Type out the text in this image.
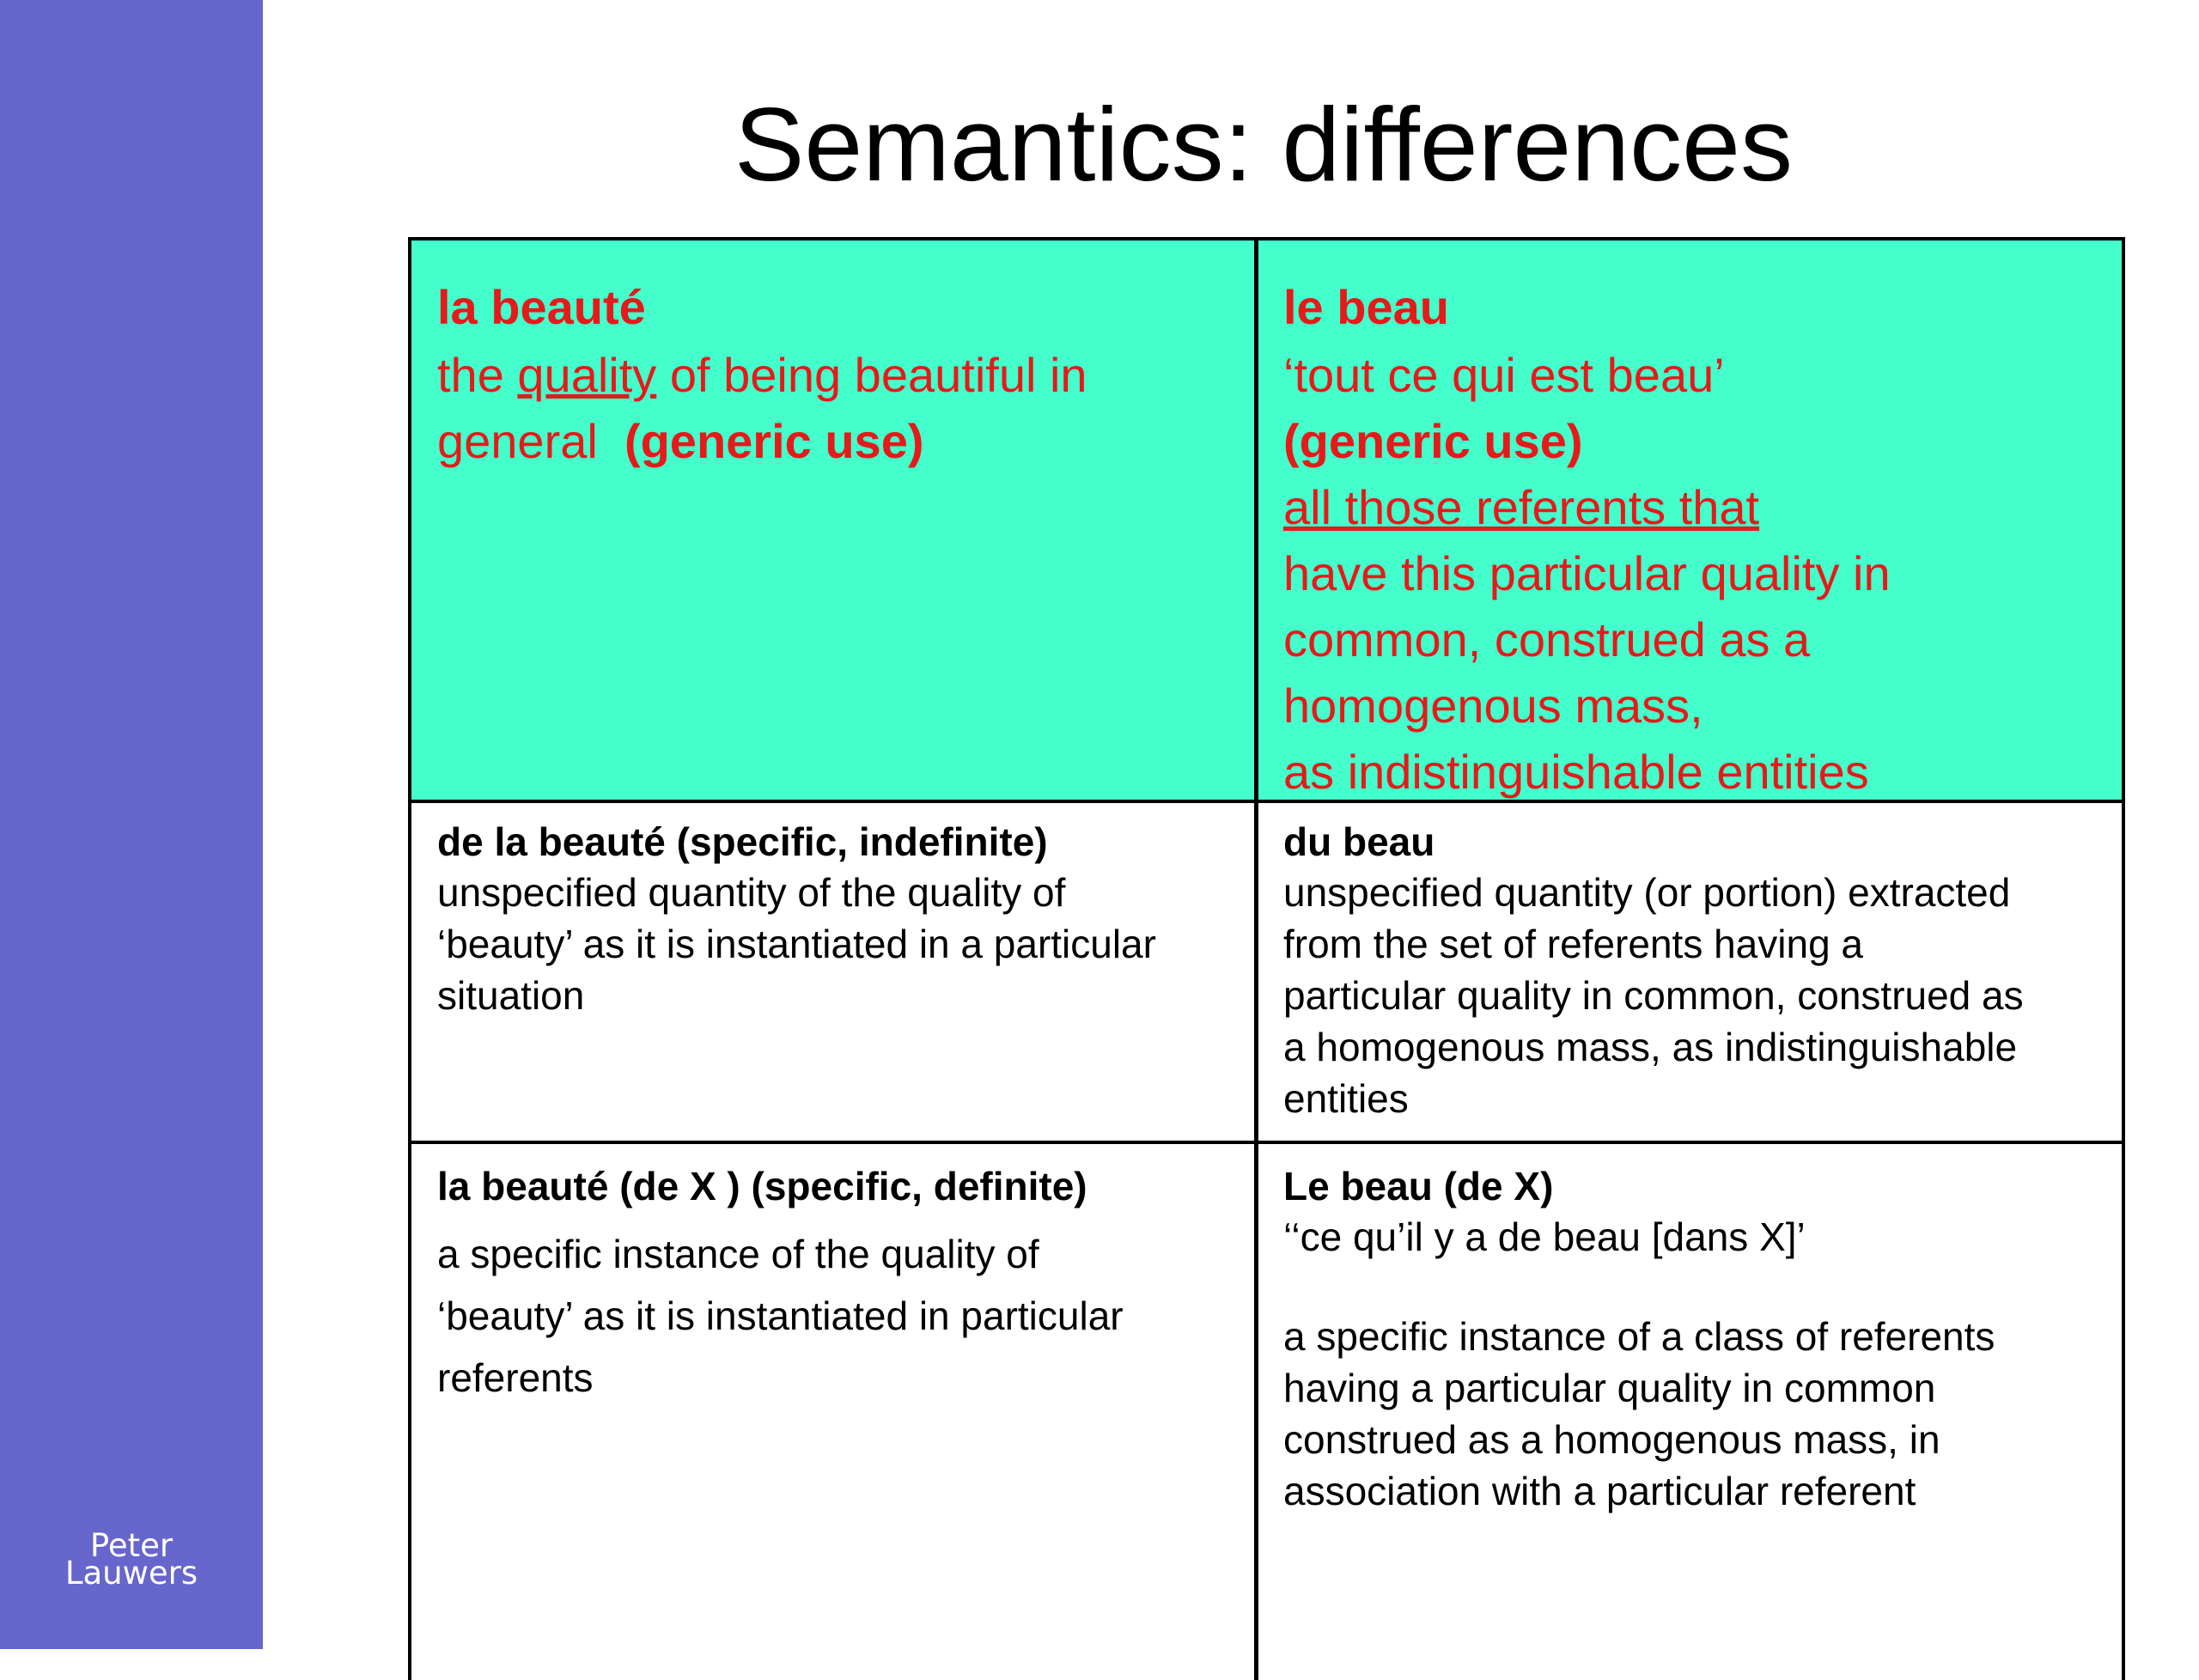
Peter
Lauwers
Semantics: differences
la beauté
the quality of being beautiful in
general  (generic use)
le beau
‘tout ce qui est beau’
(generic use)
all those referents that
have this particular quality in
common, construed as a
homogenous mass,
as indistinguishable entities
de la beauté (specific, indefinite)
unspecified quantity of the quality of
‘beauty’ as it is instantiated in a particular
situation
du beau
unspecified quantity (or portion) extracted
from the set of referents having a
particular quality in common, construed as
a homogenous mass, as indistinguishable
entities
la beauté (de X ) (specific, definite)
a specific instance of the quality of
‘beauty’ as it is instantiated in particular
referents
Le beau (de X)
‘‘ce qu’il y a de beau [dans X]’
a specific instance of a class of referents
having a particular quality in common
construed as a homogenous mass, in
association with a particular referent
